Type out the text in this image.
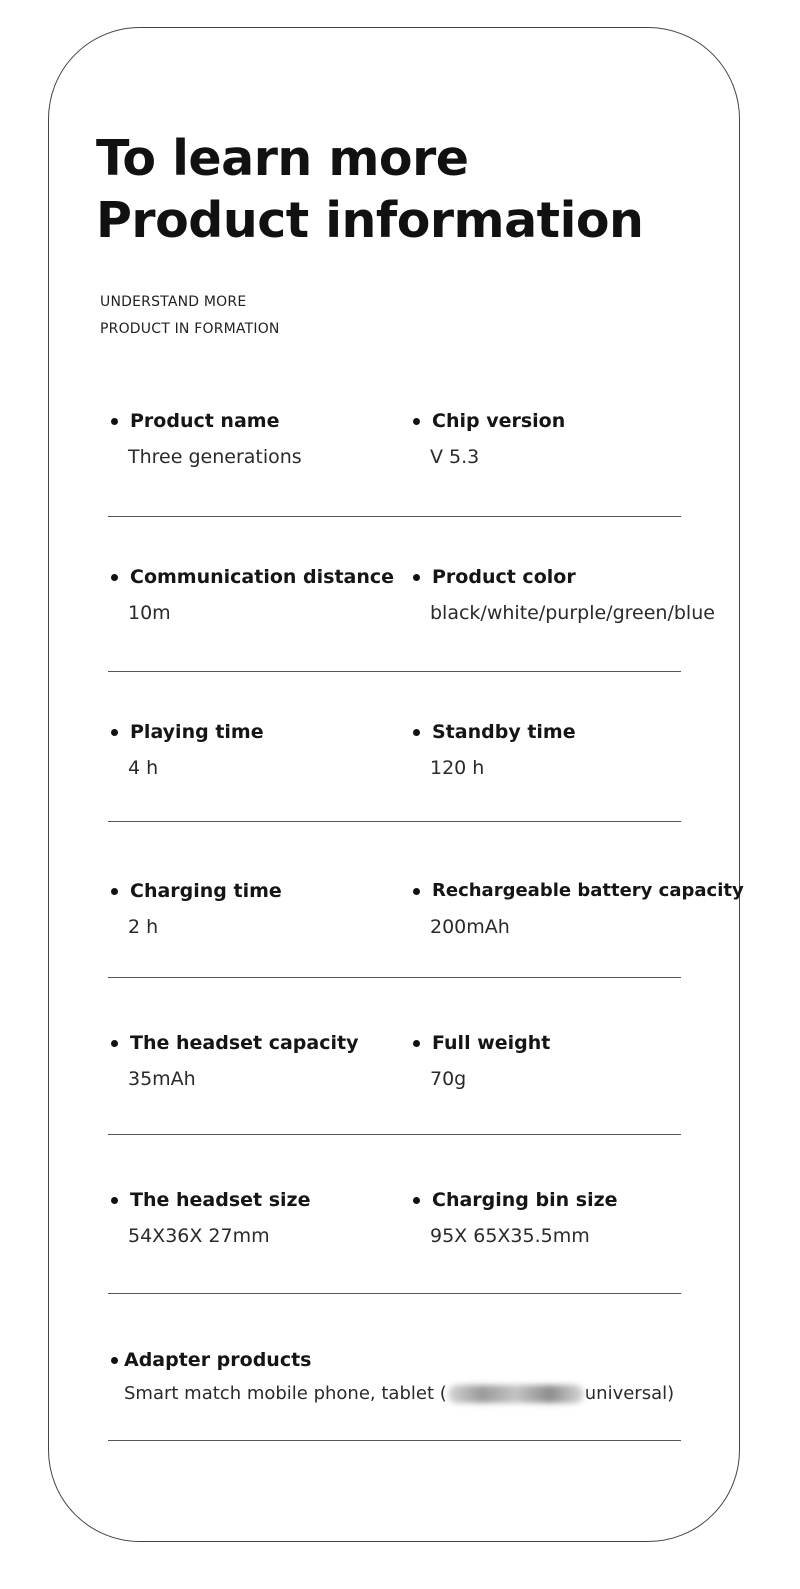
To learn more
Product information
UNDERSTAND MORE
PRODUCT IN FORMATION
Product name
Three generations
Chip version
V 5.3
Communication distance
10m
Product color
black/white/purple/green/blue
Playing time
4 h
Standby time
120 h
Charging time
2 h
Rechargeable battery capacity
200mAh
The headset capacity
35mAh
Full weight
70g
The headset size
54X36X 27mm
Charging bin size
95X 65X35.5mm
Adapter products
Smart match mobile phone, tablet (	universal)
